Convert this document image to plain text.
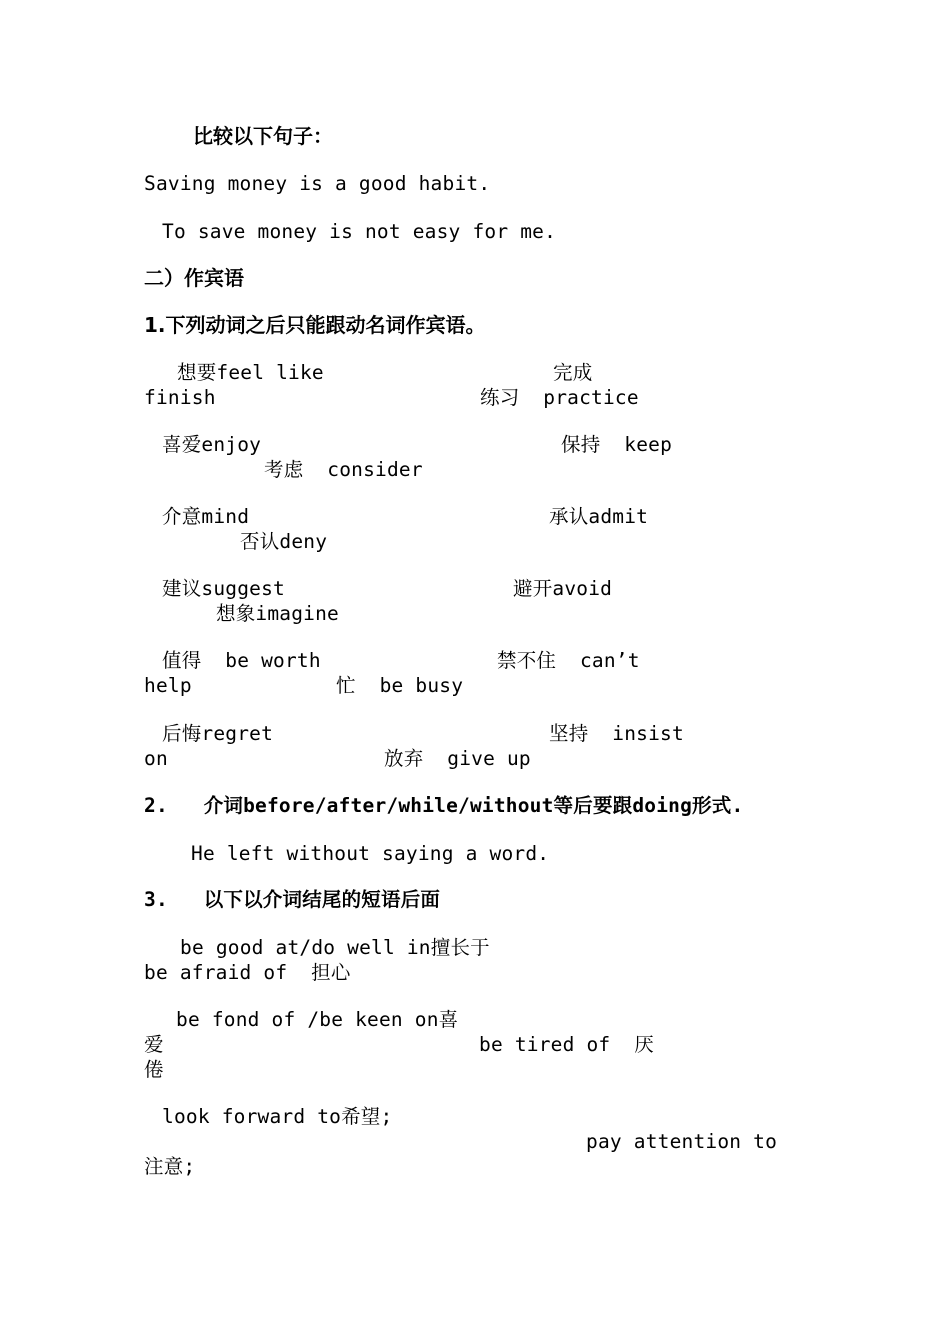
比较以下句子：
Saving money is a good habit.
To save money is not easy for me.
二）作宾语
1.下列动词之后只能跟动名词作宾语。
想要feel like	完成
finish	练习  practice
喜爱enjoy	保持  keep
考虑  consider
介意mind	承认admit
否认deny
建议suggest	避开avoid
想象imagine
值得  be worth	禁不住  can’t
help	忙  be busy
后悔regret	坚持  insist
on	放弃  give up
2.   介词before/after/while/without等后要跟doing形式.
He left without saying a word.
3.   以下以介词结尾的短语后面
be good at/do well in擅长于
be afraid of  担心
be fond of /be keen on喜
爱	be tired of  厌
倦
look forward to希望;
pay attention to
注意;
